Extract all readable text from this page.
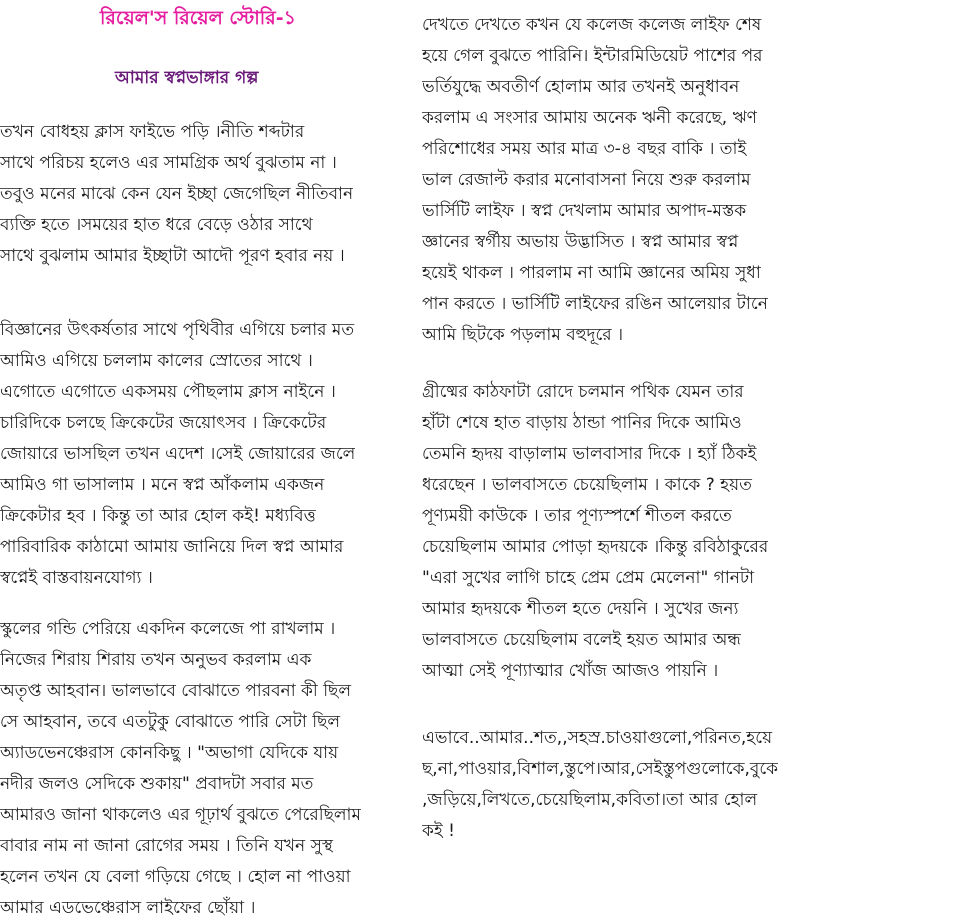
রিয়েল'স রিয়েল স্টোরি-১
আমার স্বপ্নভাঙ্গার গল্প

তখন বোধহয় ক্লাস ফাইভে পড়ি ।নীতি শব্দটার
সাথে পরিচয় হলেও এর সামগ্রিক অর্থ বুঝতাম না ।
তবুও মনের মাঝে কেন যেন ইচ্ছা জেগেছিল নীতিবান
ব্যক্তি হতে ।সময়ের হাত ধরে বেড়ে ওঠার সাথে
সাথে বুঝলাম আমার ইচ্ছাটা আদৌ পূরণ হবার নয় ।

বিজ্ঞানের উৎকর্ষতার সাথে পৃথিবীর এগিয়ে চলার মত
আমিও এগিয়ে চললাম কালের স্রোতের সাথে ।
এগোতে এগোতে একসময় পৌছলাম ক্লাস নাইনে ।
চারিদিকে চলছে ক্রিকেটের জয়োৎসব । ক্রিকেটের
জোয়ারে ভাসছিল তখন এদেশ ।সেই জোয়ারের জলে
আমিও গা ভাসালাম । মনে স্বপ্ন আঁকলাম একজন
ক্রিকেটার হব । কিন্তু তা আর হোল কই! মধ্যবিত্ত
পারিবারিক কাঠামো আমায় জানিয়ে দিল স্বপ্ন আমার
স্বপ্নেই বাস্তবায়নযোগ্য ।

স্কুলের গন্ডি পেরিয়ে একদিন কলেজে পা রাখলাম ।
নিজের শিরায় শিরায় তখন অনুভব করলাম এক
অতৃপ্ত আহবান। ভালভাবে বোঝাতে পারবনা কী ছিল
সে আহবান, তবে এতটুকু বোঝাতে পারি সেটা ছিল
অ্যাডভেনঞ্চেরাস কোনকিছু । "অভাগা যেদিকে যায়
নদীর জলও সেদিকে শুকায়" প্রবাদটা সবার মত
আমারও জানা থাকলেও এর গূঢ়ার্থ বুঝতে পেরেছিলাম
বাবার নাম না জানা রোগের সময় । তিনি যখন সুস্থ
হলেন তখন যে বেলা গড়িয়ে গেছে । হোল না পাওয়া
আমার এডভেঞ্চেরাস লাইফের ছোঁয়া ।

দেখতে দেখতে কখন যে কলেজ কলেজ লাইফ শেষ
হয়ে গেল বুঝতে পারিনি। ইন্টারমিডিয়েট পাশের পর
ভর্তিযুদ্ধে অবতীর্ণ হোলাম আর তখনই অনুধাবন
করলাম এ সংসার আমায় অনেক ঋনী করেছে, ঋণ
পরিশোধের সময় আর মাত্র ৩-৪ বছর বাকি । তাই
ভাল রেজাল্ট করার মনোবাসনা নিয়ে শুরু করলাম
ভার্সিটি লাইফ । স্বপ্ন দেখলাম আমার অপাদ-মস্তক
জ্ঞানের স্বর্গীয় অভায় উদ্ভাসিত । স্বপ্ন আমার স্বপ্ন
হয়েই থাকল । পারলাম না আমি জ্ঞানের অমিয় সুধা
পান করতে । ভার্সিটি লাইফের রঙিন আলেয়ার টানে
আমি ছিটকে পড়লাম বহুদূরে ।

গ্রীষ্মের কাঠফাটা রোদে চলমান পথিক যেমন তার
হাঁটা শেষে হাত বাড়ায় ঠান্ডা পানির দিকে আমিও
তেমনি হৃদয় বাড়ালাম ভালবাসার দিকে । হ্যাঁ ঠিকই
ধরেছেন । ভালবাসতে চেয়েছিলাম । কাকে ? হয়ত
পূণ্যময়ী কাউকে । তার পূণ্যস্পর্শে শীতল করতে
চেয়েছিলাম আমার পোড়া হৃদয়কে ।কিন্তু রবিঠাকুরের
"এরা সুখের লাগি চাহে প্রেম প্রেম মেলেনা" গানটা
আমার হৃদয়কে শীতল হতে দেয়নি । সুখের জন্য
ভালবাসতে চেয়েছিলাম বলেই হয়ত আমার অন্ধ
আত্মা সেই পূণ্যাত্মার খোঁজ আজও পায়নি ।

এভাবে..আমার..শত,,সহস্র.চাওয়াগুলো,পরিনত,হয়ে
ছ,না,পাওয়ার,বিশাল,স্তুপে।আর,সেইস্তুপগুলোকে,বুকে
,জড়িয়ে,লিখতে,চেয়েছিলাম,কবিতা।তা আর হোল
কই !
